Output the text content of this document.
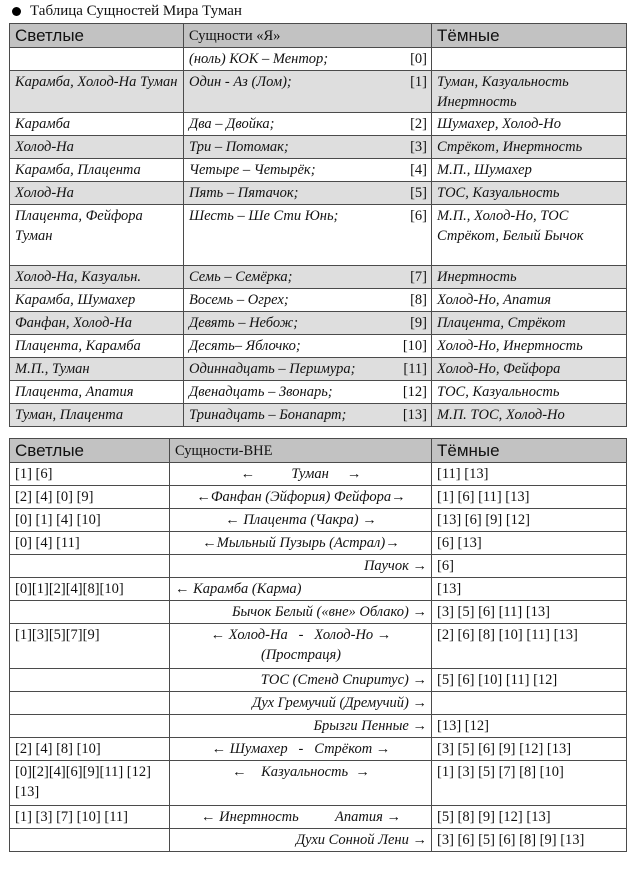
Таблица Сущностей Мира Туман
Светлые	Сущности «Я»	Тёмные

	(ноль) КОК – Ментор; [0]	

Карамба, Холод-На Туман	Один - Аз (Лом); [1]	Туман, Казуальность Инертность
Карамба	Два – Двойка; [2]	Шумахер, Холод-Но
Холод-На	Три – Потомак; [3]	Стрёкот, Инертность
Карамба, Плацента	Четыре – Четырёк; [4]	М.П., Шумахер
Холод-На	Пять – Пятачок; [5]	ТОС, Казуальность
Плацента, Фейфора Туман	Шесть – Ше Сти Юнь; [6]	М.П., Холод-Но, ТОС Стрёкот, Белый Бычок
Холод-На, Казуальн.	Семь – Семёрка; [7]	Инертность
Карамба, Шумахер	Восемь – Огрех; [8]	Холод-Но, Апатия
Фанфан, Холод-На	Девять – Небож; [9]	Плацента, Стрёкот
Плацента, Карамба	Десять– Яблочко; [10]	Холод-Но, Инертность
М.П., Туман	Одиннадцать – Перимура; [11]	Холод-Но, Фейфора
Плацента, Апатия	Двенадцать – Звонарь; [12]	ТОС, Казуальность
Туман, Плацента	Тринадцать – Бонапарт; [13]	М.П. ТОС, Холод-Но
Светлые	Сущности-ВНЕ	Тёмные
[1] [6]	←          Туман     →	[11] [13]
[2] [4] [0] [9]	←Фанфан (Эйфория) Фейфора→	[1] [6] [11] [13]
[0] [1] [4] [10]	← Плацента (Чакра) →	[13] [6] [9] [12]
[0] [4] [11]	←Мыльный Пузырь (Астрал)→	[6] [13]
	Паучок →	[6]
[0][1][2][4][8][10]	← Карамба (Карма)	[13]
	Бычок Белый («вне» Облако) →	[3] [5] [6] [11] [13]
[1][3][5][7][9]	← Холод-На   -   Холод-Но → (Простраця)	[2] [6] [8] [10] [11] [13]
	ТОС (Стенд Спиритус) →	[5] [6] [10] [11] [12]
	Дух Гремучий (Дремучий) →	
	Брызги Пенные →	[13] [12]
[2] [4] [8] [10]	← Шумахер   -   Стрёкот →	[3] [5] [6] [9] [12] [13]
[0][2][4][6][9][11] [12] [13]	←    Казуальность  →	[1] [3] [5] [7] [8] [10]
[1] [3] [7] [10] [11]	← Инертность          Апатия →	[5] [8] [9] [12] [13]
	Духи Сонной Лени →	[3] [6] [5] [6] [8] [9] [13]
